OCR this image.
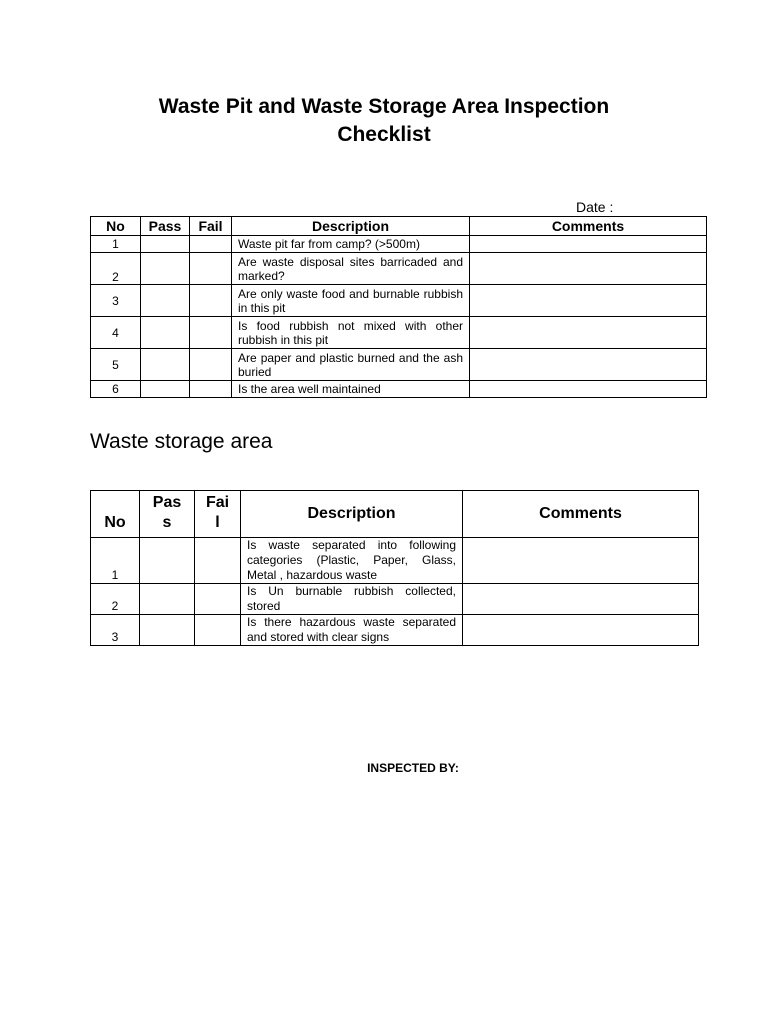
Waste Pit and Waste Storage Area Inspection
Checklist
Date :
No	Pass	Fail	Description	Comments
1			Waste pit far from camp? (>500m)	
2			Are waste disposal sites barricaded and marked?	
3			Are only waste food and burnable rubbish in this pit	
4			Is food rubbish not mixed with other rubbish in this pit	
5			Are paper and plastic burned and the ash buried	
6			Is the area well maintained	
Waste storage area
No	Pass	Fail	Description	Comments
1			Is waste separated into following categories (Plastic, Paper, Glass, Metal , hazardous waste	
2			Is Un burnable rubbish collected, stored	
3			Is there hazardous waste separated and stored with clear signs	
INSPECTED BY:
